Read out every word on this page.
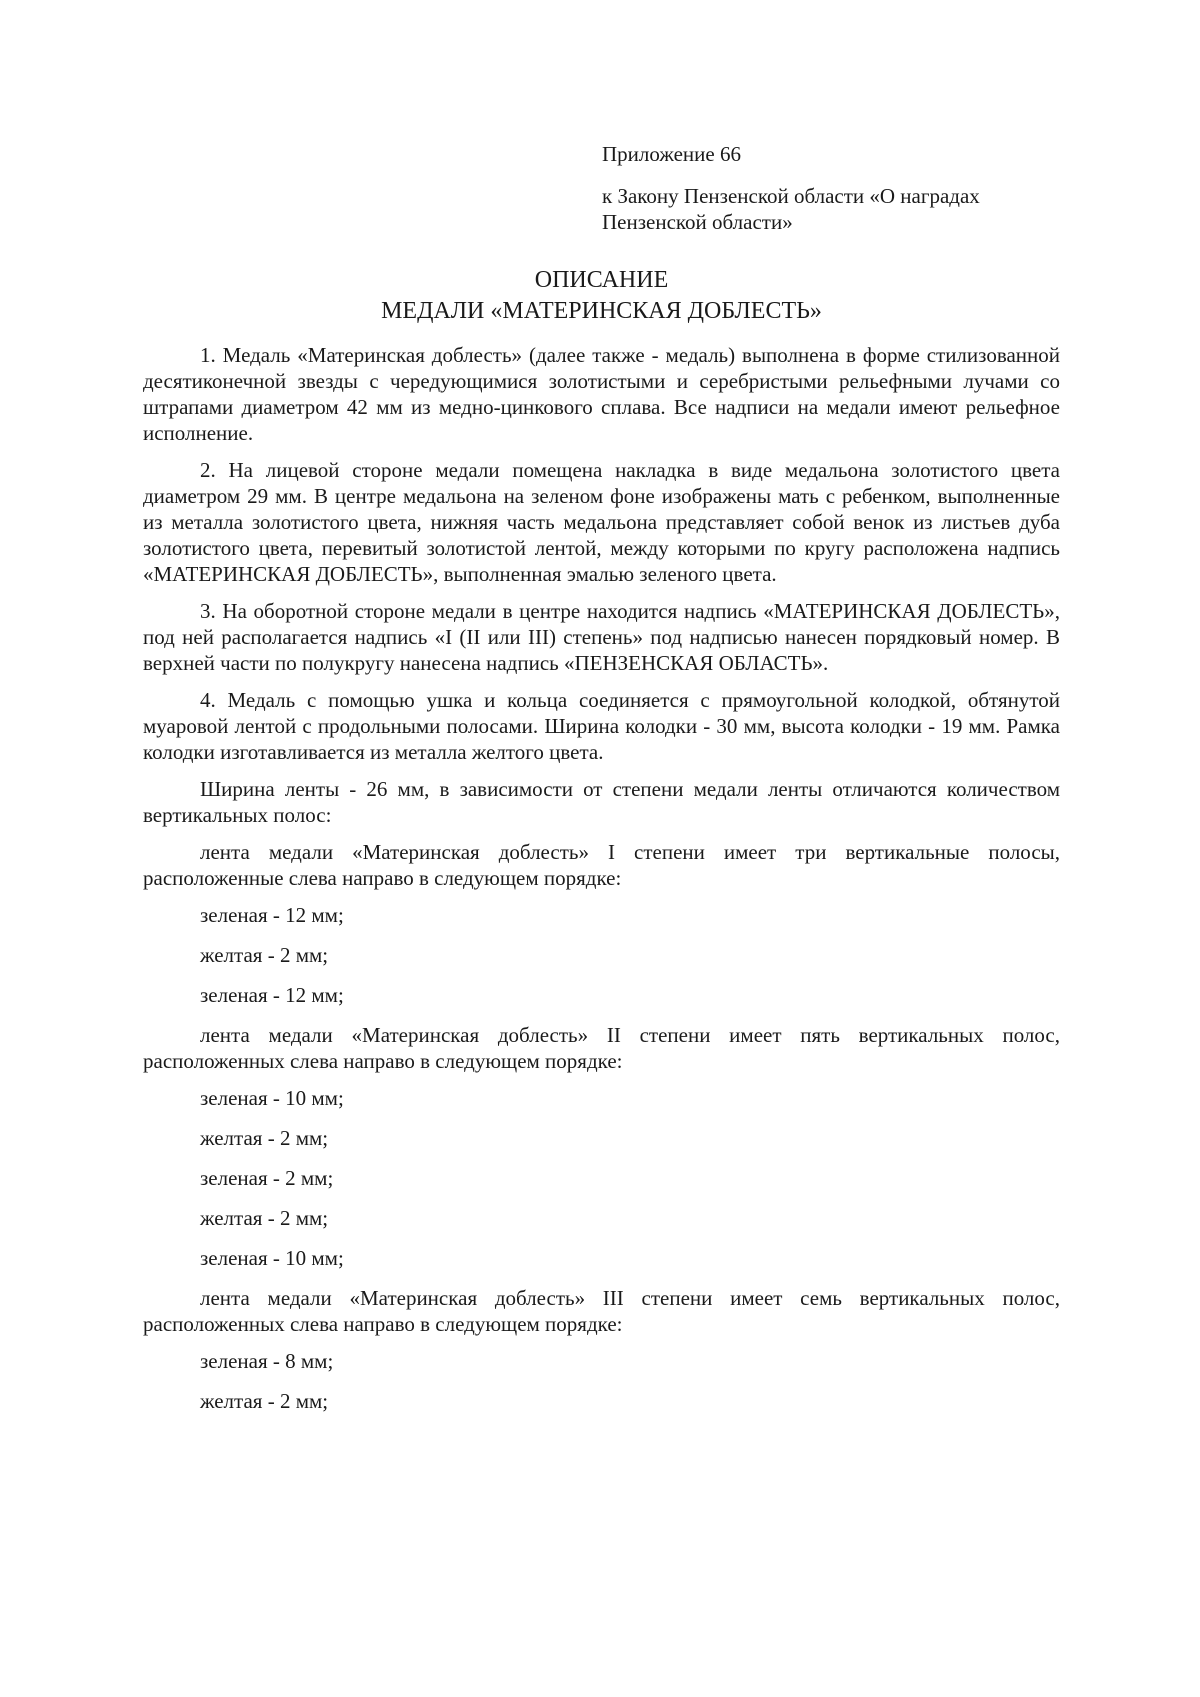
Приложение 66

к Закону Пензенской области «О наградах Пензенской области»

ОПИСАНИЕ
МЕДАЛИ «МАТЕРИНСКАЯ ДОБЛЕСТЬ»

1. Медаль «Материнская доблесть» (далее также - медаль) выполнена в форме стилизованной десятиконечной звезды с чередующимися золотистыми и серебристыми рельефными лучами со штрапами диаметром 42 мм из медно-цинкового сплава. Все надписи на медали имеют рельефное исполнение.

2. На лицевой стороне медали помещена накладка в виде медальона золотистого цвета диаметром 29 мм. В центре медальона на зеленом фоне изображены мать с ребенком, выполненные из металла золотистого цвета, нижняя часть медальона представляет собой венок из листьев дуба золотистого цвета, перевитый золотистой лентой, между которыми по кругу расположена надпись «МАТЕРИНСКАЯ ДОБЛЕСТЬ», выполненная эмалью зеленого цвета.

3. На оборотной стороне медали в центре находится надпись «МАТЕРИНСКАЯ ДОБЛЕСТЬ», под ней располагается надпись «I (II или III) степень» под надписью нанесен порядковый номер. В верхней части по полукругу нанесена надпись «ПЕНЗЕНСКАЯ ОБЛАСТЬ».

4. Медаль с помощью ушка и кольца соединяется с прямоугольной колодкой, обтянутой муаровой лентой с продольными полосами. Ширина колодки - 30 мм, высота колодки - 19 мм. Рамка колодки изготавливается из металла желтого цвета.

Ширина ленты - 26 мм, в зависимости от степени медали ленты отличаются количеством вертикальных полос:

лента медали «Материнская доблесть» I степени имеет три вертикальные полосы, расположенные слева направо в следующем порядке:

зеленая - 12 мм;

желтая - 2 мм;

зеленая - 12 мм;

лента медали «Материнская доблесть» II степени имеет пять вертикальных полос, расположенных слева направо в следующем порядке:

зеленая - 10 мм;

желтая - 2 мм;

зеленая - 2 мм;

желтая - 2 мм;

зеленая - 10 мм;

лента медали «Материнская доблесть» III степени имеет семь вертикальных полос, расположенных слева направо в следующем порядке:

зеленая - 8 мм;

желтая - 2 мм;
